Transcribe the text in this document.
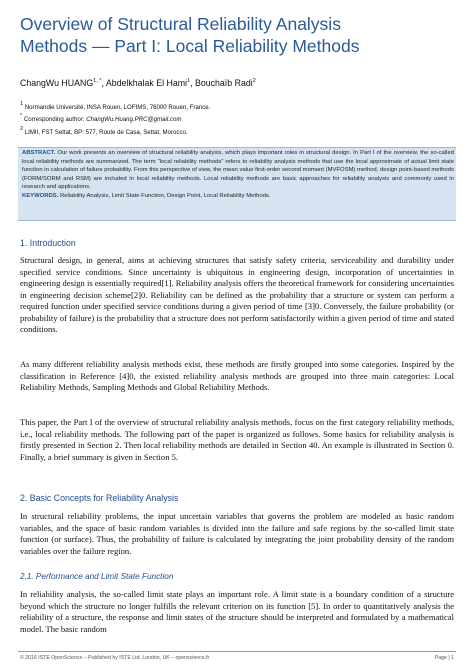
Overview of Structural Reliability Analysis
Methods — Part I: Local Reliability Methods
ChangWu $HUANG^{1, *}$, Abdelkhalak El Hami$^1$, Bouchaïb Radi$^2$
$^1$ Normandie Université, INSA Rouen, LOFIMS, 76000 Rouen, France.
* Corresponding author: ChangWu.Huang.PRC@gmail.com
$^2$ LIMII, FST Settat, BP: 577, Route de Casa, Settat, Morocco.
ABSTRACT. Our work presents an overview of structural reliability analysis, which plays important roles in structural design. In Part I of the overview, the so-called local reliability methods are summarized. The term "local reliability methods" refers to reliability analysis methods that use the local approximate of actual limit state function in calculation of failure probability. From this perspective of view, the mean value first-order second moment (MVFOSM) method, design point-based methods (FORM/SORM and RSM) are included in local reliability methods. Local reliability methods are basic approaches for reliability analysis and commonly used in research and applications.
KEYWORDS. Reliability Analysis, Limit State Function, Design Point, Local Reliability Methods.
1. Introduction
Structural design, in general, aims at achieving structures that satisfy safety criteria, serviceability and durability under specified service conditions. Since uncertainty is ubiquitous in engineering design, incorporation of uncertainties in engineering design is essentially required[1]. Reliability analysis offers the theoretical framework for considering uncertainties in engineering decision scheme[2]0. Reliability can be defined as the probability that a structure or system can perform a required function under specified service conditions during a given period of time [3]0. Conversely, the failure probability (or probability of failure) is the probability that a structure does not perform satisfactorily within a given period of time and stated conditions.
As many different reliability analysis methods exist, these methods are firstly grouped into some categories. Inspired by the classification in Reference [4]0, the existed reliability analysis methods are grouped into three main categories: Local Reliability Methods, Sampling Methods and Global Reliability Methods.
This paper, the Part I of the overview of structural reliability analysis methods, focus on the first category reliability methods, i.e., local reliability methods. The following part of the paper is organized as follows. Some basics for reliability analysis is firstly presented in Section 2. Then local reliability methods are detailed in Section 40. An example is illustrated in Section 0. Finally, a brief summary is given in Section 5.
2. Basic Concepts for Reliability Analysis
In structural reliability problems, the input uncertain variables that governs the problem are modeled as basic random variables, and the space of basic random variables is divided into the failure and safe regions by the so-called limit state function (or surface). Thus, the probability of failure is calculated by integrating the joint probability density of the random variables over the failure region.
2.1. Performance and Limit State Function
In reliability analysis, the so-called limit state plays an important role. A limit state is a boundary condition of a structure beyond which the structure no longer fulfills the relevant criterion on its function [5]. In order to quantitatively analysis the reliability of a structure, the response and limit states of the structure should be interpreted and formulated by a mathematical model. The basic random
© 2016 ISTE OpenScience – Published by ISTE Ltd. London, UK – openscience.fr	Page | 1
